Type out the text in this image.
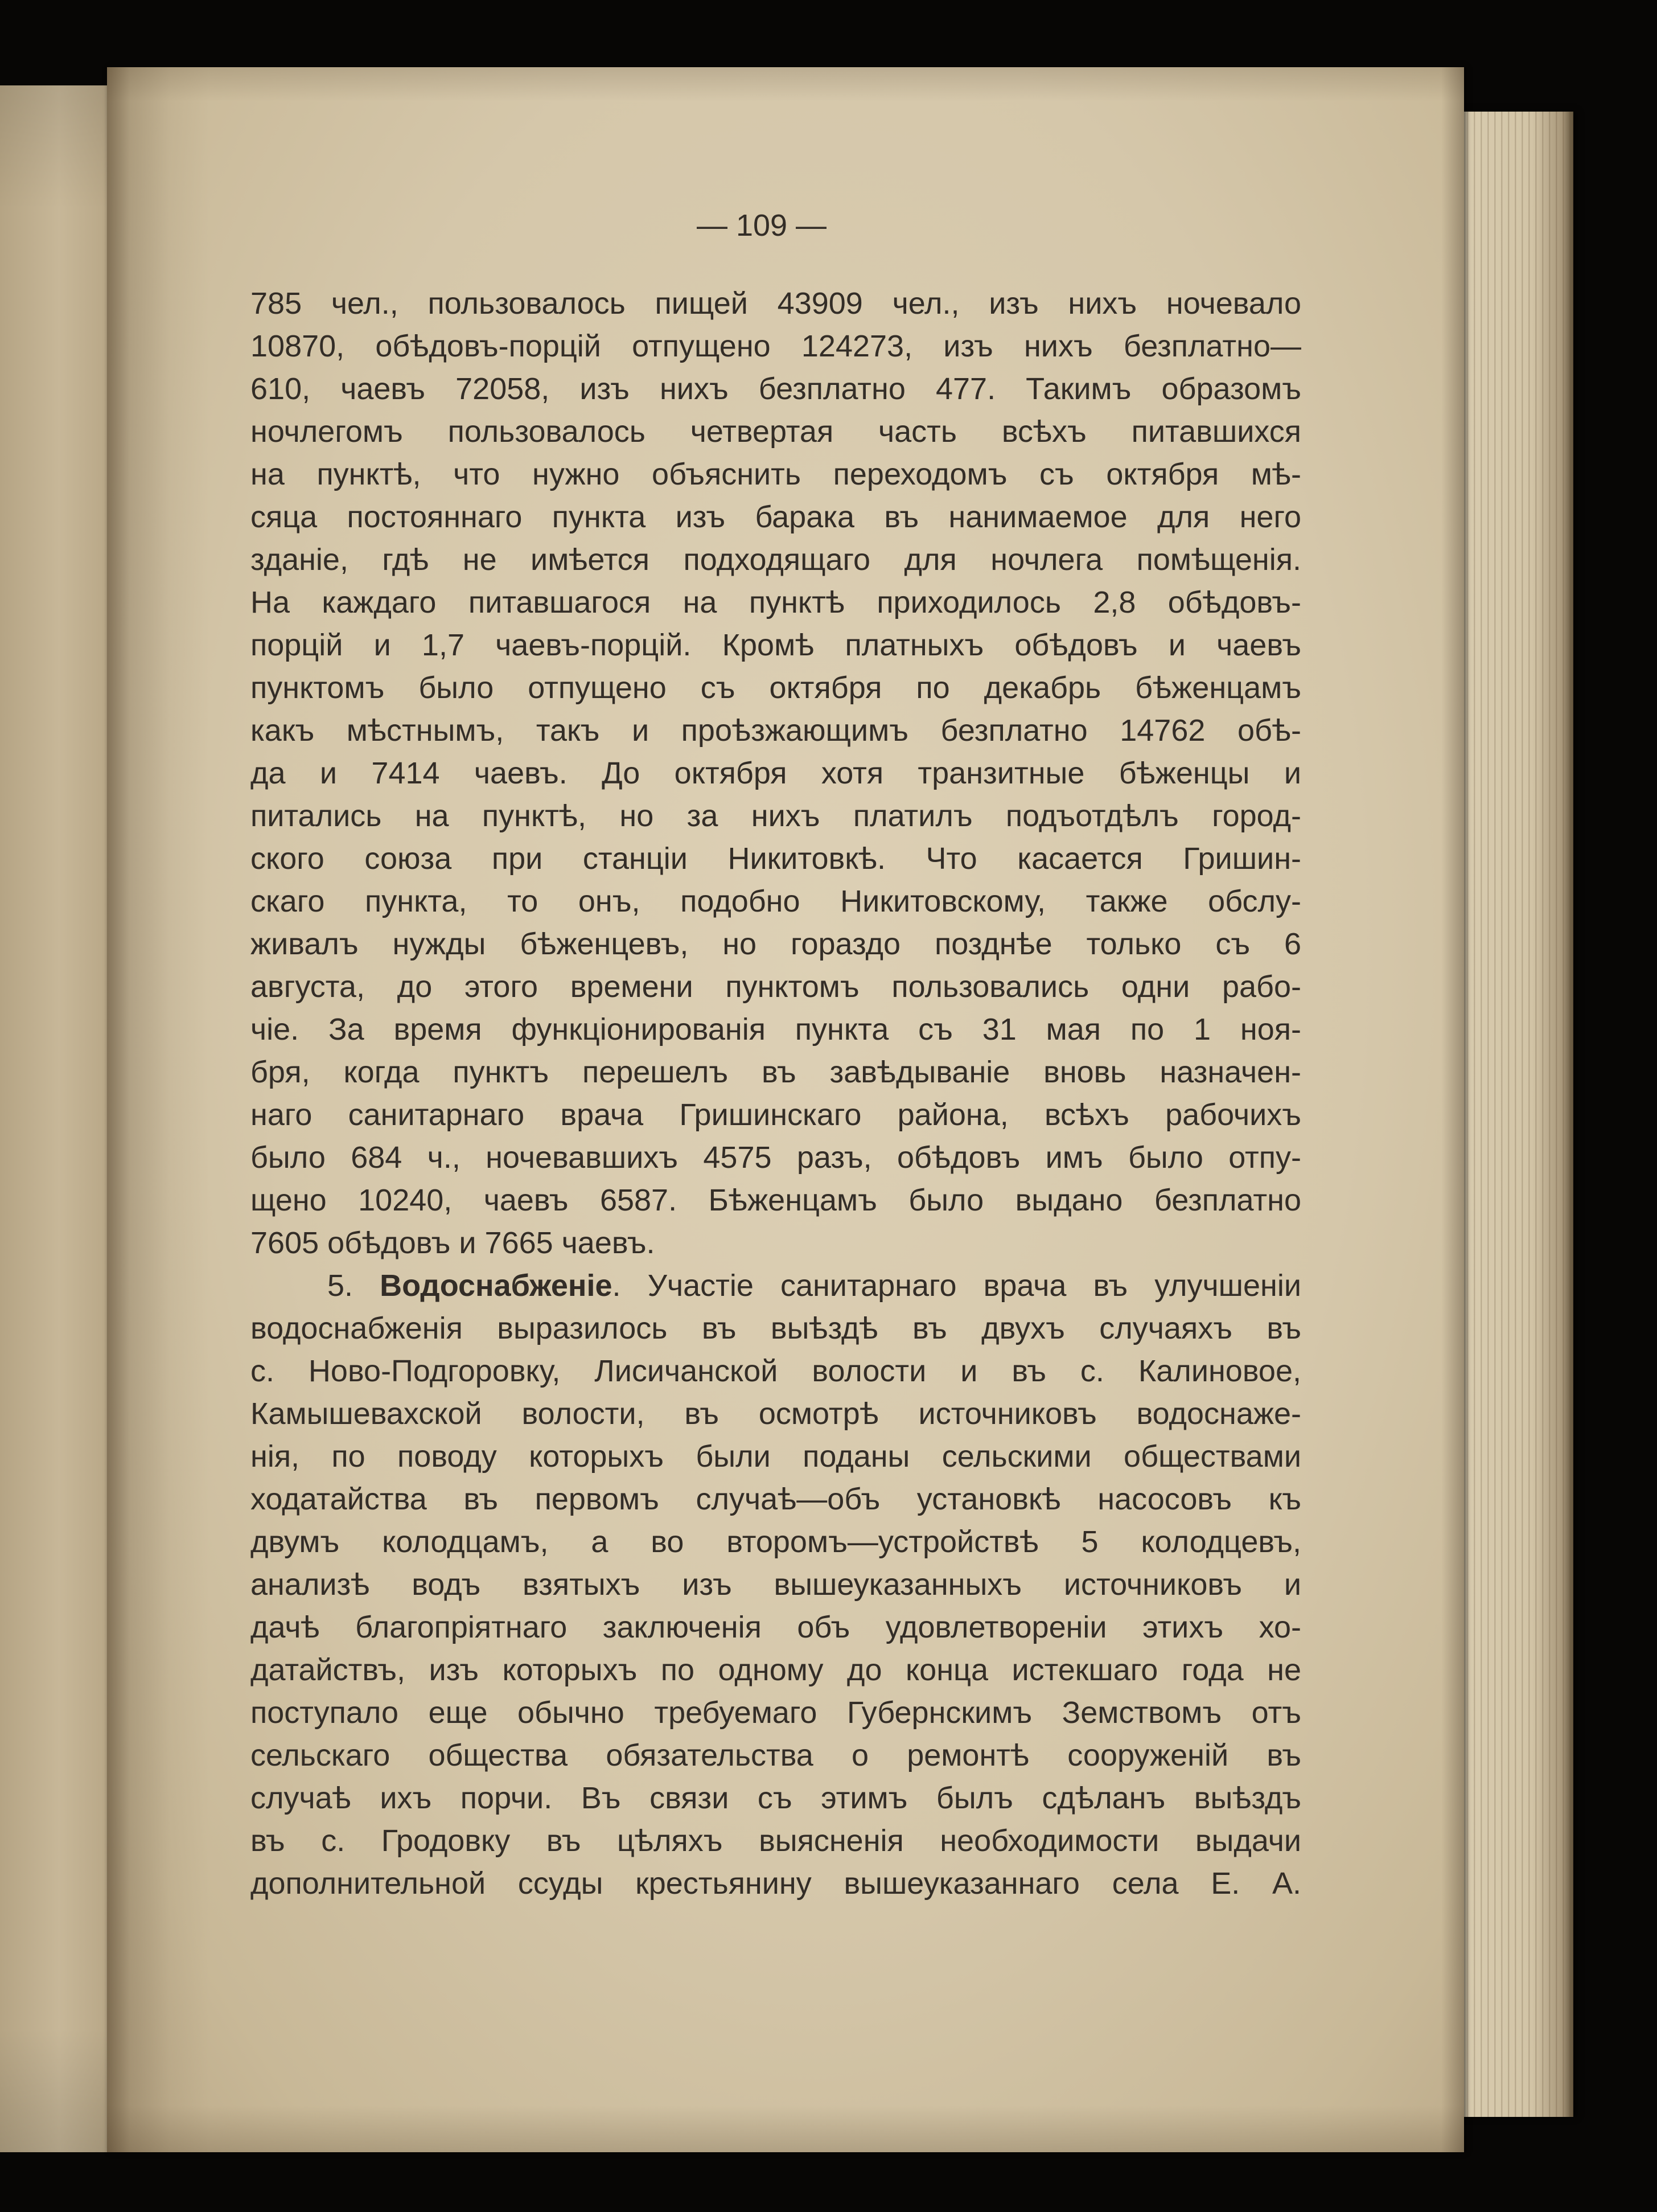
— 109 —
785 чел., пользовалось пищей 43909 чел., изъ нихъ ночевало
10870, обѣдовъ-порцій отпущено 124273, изъ нихъ безплатно—
610, чаевъ 72058, изъ нихъ безплатно 477. Такимъ образомъ
ночлегомъ пользовалось четвертая часть всѣхъ питавшихся
на пунктѣ, что нужно объяснить переходомъ съ октября мѣ-
сяца постояннаго пункта изъ барака въ нанимаемое для него
зданіе, гдѣ не имѣется подходящаго для ночлега помѣщенія.
На каждаго питавшагося на пунктѣ приходилось 2,8 обѣдовъ-
порцій и 1,7 чаевъ-порцій. Кромѣ платныхъ обѣдовъ и чаевъ
пунктомъ было отпущено съ октября по декабрь бѣженцамъ
какъ мѣстнымъ, такъ и проѣзжающимъ безплатно 14762 обѣ-
да и 7414 чаевъ. До октября хотя транзитные бѣженцы и
питались на пунктѣ, но за нихъ платилъ подъотдѣлъ город-
ского союза при станціи Никитовкѣ. Что касается Гришин-
скаго пункта, то онъ, подобно Никитовскому, также обслу-
живалъ нужды бѣженцевъ, но гораздо позднѣе только съ 6
августа, до этого времени пунктомъ пользовались одни рабо-
чіе. За время функціонированія пункта съ 31 мая по 1 ноя-
бря, когда пунктъ перешелъ въ завѣдываніе вновь назначен-
наго санитарнаго врача Гришинскаго района, всѣхъ рабочихъ
было 684 ч., ночевавшихъ 4575 разъ, обѣдовъ имъ было отпу-
щено 10240, чаевъ 6587. Бѣженцамъ было выдано безплатно
7605 обѣдовъ и 7665 чаевъ.
5. Водоснабженіе. Участіе санитарнаго врача въ улучшеніи
водоснабженія выразилось въ выѣздѣ въ двухъ случаяхъ въ
с. Ново-Подгоровку, Лисичанской волости и въ с. Калиновое,
Камышевахской волости, въ осмотрѣ источниковъ водоснаже-
нія, по поводу которыхъ были поданы сельскими обществами
ходатайства въ первомъ случаѣ—объ установкѣ насосовъ къ
двумъ колодцамъ, а во второмъ—устройствѣ 5 колодцевъ,
анализѣ водъ взятыхъ изъ вышеуказанныхъ источниковъ и
дачѣ благопріятнаго заключенія объ удовлетвореніи этихъ хо-
датайствъ, изъ которыхъ по одному до конца истекшаго года не
поступало еще обычно требуемаго Губернскимъ Земствомъ отъ
сельскаго общества обязательства о ремонтѣ сооруженій въ
случаѣ ихъ порчи. Въ связи съ этимъ былъ сдѣланъ выѣздъ
въ с. Гродовку въ цѣляхъ выясненія необходимости выдачи
дополнительной ссуды крестьянину вышеуказаннаго села Е. А.
